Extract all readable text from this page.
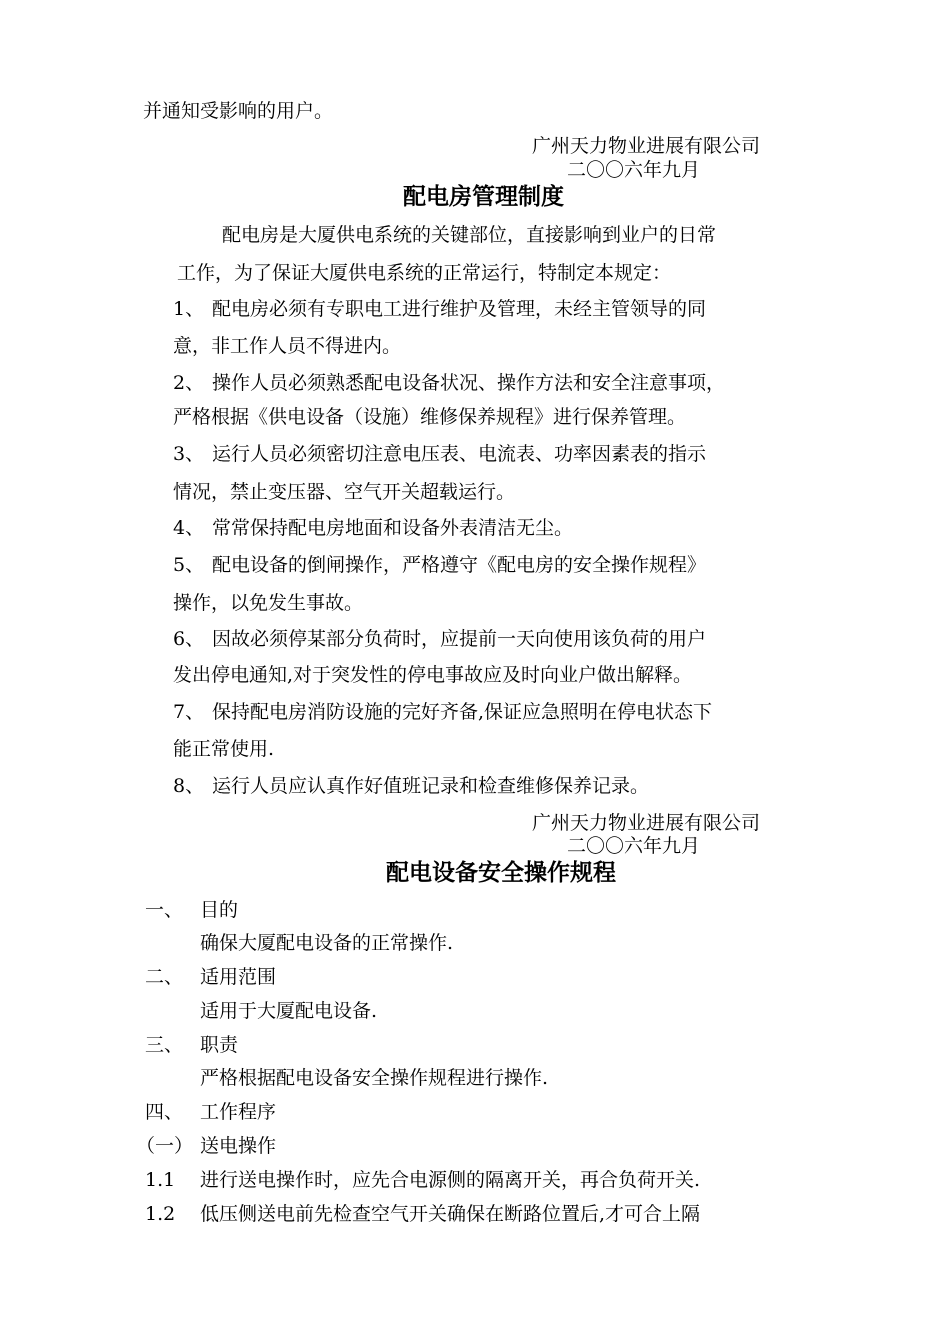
并通知受影响的用户。
广州天力物业进展有限公司
二〇〇六年九月
配电房管理制度
配电房是大厦供电系统的关键部位，直接影响到业户的日常
工作，为了保证大厦供电系统的正常运行，特制定本规定：
1、 配电房必须有专职电工进行维护及管理，未经主管领导的同
意，非工作人员不得进内。
2、 操作人员必须熟悉配电设备状况、操作方法和安全注意事项，
严格根据《供电设备（设施）维修保养规程》进行保养管理。
3、 运行人员必须密切注意电压表、电流表、功率因素表的指示
情况，禁止变压器、空气开关超载运行。
4、 常常保持配电房地面和设备外表清洁无尘。
5、 配电设备的倒闸操作，严格遵守《配电房的安全操作规程》
操作，以免发生事故。
6、 因故必须停某部分负荷时，应提前一天向使用该负荷的用户
发出停电通知,对于突发性的停电事故应及时向业户做出解释。
7、 保持配电房消防设施的完好齐备,保证应急照明在停电状态下
能正常使用.
8、 运行人员应认真作好值班记录和检查维修保养记录。
广州天力物业进展有限公司
二〇〇六年九月
配电设备安全操作规程
一、 目的
确保大厦配电设备的正常操作.
二、 适用范围
适用于大厦配电设备.
三、 职责
严格根据配电设备安全操作规程进行操作.
四、 工作程序
（一） 送电操作
1.1 进行送电操作时，应先合电源侧的隔离开关，再合负荷开关.
1.2 低压侧送电前先检查空气开关确保在断路位置后,才可合上隔
